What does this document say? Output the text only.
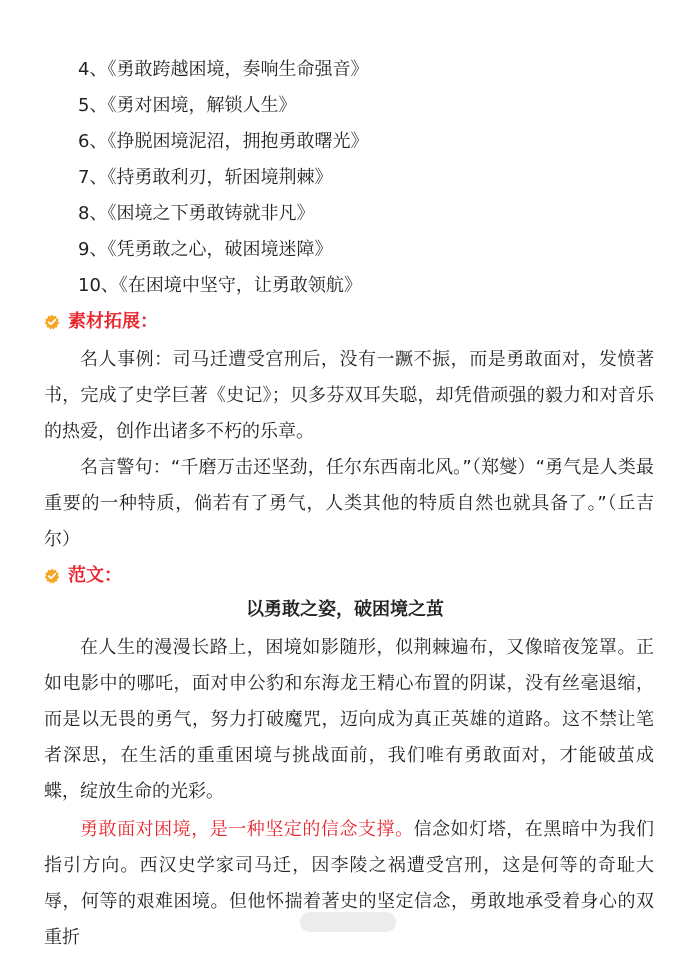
4、《勇敢跨越困境，奏响生命强音》
5、《勇对困境，解锁人生》
6、《挣脱困境泥沼，拥抱勇敢曙光》
7、《持勇敢利刃，斩困境荆棘》
8、《困境之下勇敢铸就非凡》
9、《凭勇敢之心，破困境迷障》
10、《在困境中坚守，让勇敢领航》
素材拓展：
名人事例：司马迁遭受宫刑后，没有一蹶不振，而是勇敢面对，发愤著书，完成了史学巨著《史记》；贝多芬双耳失聪，却凭借顽强的毅力和对音乐的热爱，创作出诸多不朽的乐章。
名言警句：“千磨万击还坚劲，任尔东西南北风。”（郑燮）“勇气是人类最重要的一种特质，倘若有了勇气，人类其他的特质自然也就具备了。”（丘吉尔）
范文：
以勇敢之姿，破困境之茧
在人生的漫漫长路上，困境如影随形，似荆棘遍布，又像暗夜笼罩。正如电影中的哪吒，面对申公豹和东海龙王精心布置的阴谋，没有丝毫退缩，而是以无畏的勇气，努力打破魔咒，迈向成为真正英雄的道路。这不禁让笔者深思，在生活的重重困境与挑战面前，我们唯有勇敢面对，才能破茧成蝶，绽放生命的光彩。
勇敢面对困境，是一种坚定的信念支撑。信念如灯塔，在黑暗中为我们指引方向。西汉史学家司马迁，因李陵之祸遭受宫刑，这是何等的奇耻大辱，何等的艰难困境。但他怀揣着著史的坚定信念，勇敢地承受着身心的双重折
